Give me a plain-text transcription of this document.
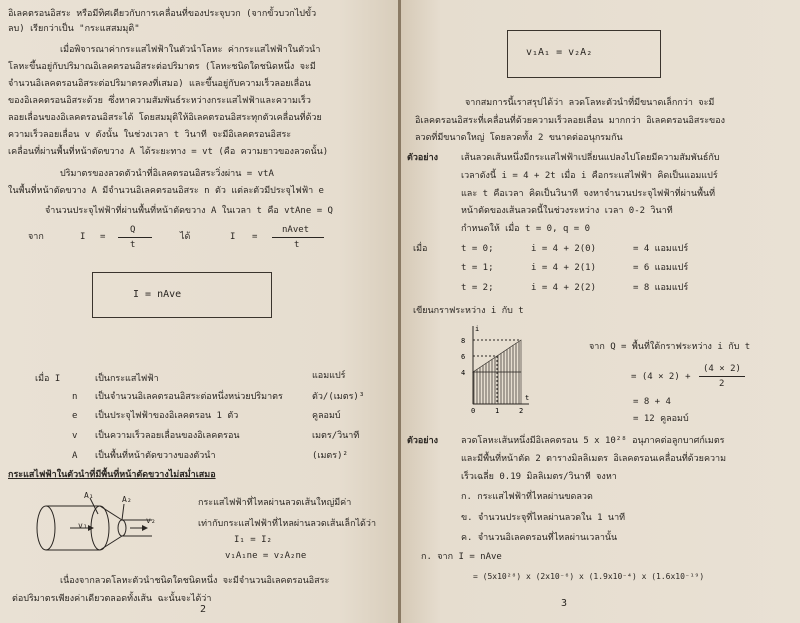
อิเลคตรอนอิสระ หรือมีทิศเดียวกับการเคลื่อนที่ของประจุบวก (จากขั้วบวกไปขั้ว
ลบ) เรียกว่าเป็น "กระแสสมมุติ"
เมื่อพิจารณาค่ากระแสไฟฟ้าในตัวนำโลหะ ค่ากระแสไฟฟ้าในตัวนำ
โลหะขึ้นอยู่กับปริมาณอิเลคตรอนอิสระต่อปริมาตร (โลหะชนิดใดชนิดหนึ่ง จะมี
จำนวนอิเลคตรอนอิสระต่อปริมาตรคงที่เสมอ) และขึ้นอยู่กับความเร็วลอยเลื่อน
ของอิเลคตรอนอิสระด้วย ซึ่งหาความสัมพันธ์ระหว่างกระแสไฟฟ้าและความเร็ว
ลอยเลื่อนของอิเลคตรอนอิสระได้ โดยสมมุติให้อิเลคตรอนอิสระทุกตัวเคลื่อนที่ด้วย
ความเร็วลอยเลื่อน v ดังนั้น ในช่วงเวลา t วินาที จะมีอิเลคตรอนอิสระ
เคลื่อนที่ผ่านพื้นที่หน้าตัดขวาง A ได้ระยะทาง = vt (คือ ความยาวของลวดนั้น)
ปริมาตรของลวดตัวนำที่อิเลคตรอนอิสระวิ่งผ่าน = vtA
ในพื้นที่หน้าตัดขวาง A มีจำนวนอิเลคตรอนอิสระ n ตัว แต่ละตัวมีประจุไฟฟ้า e
จำนวนประจุไฟฟ้าที่ผ่านพื้นที่หน้าตัดขวาง A ในเวลา t คือ vtAne = Q
จาก	I =
Q
t
ได้	I =
nAvet
t
I = nAve
เมื่อ I	เป็นกระแสไฟฟ้า	แอมแปร์
n เป็นจำนวนอิเลคตรอนอิสระต่อหนึ่งหน่วยปริมาตร	ตัว/(เมตร)³
e เป็นประจุไฟฟ้าของอิเลคตรอน 1 ตัว	คูลอมบ์
v เป็นความเร็วลอยเลื่อนของอิเลคตรอน	เมตร/วินาที
A เป็นพื้นที่หน้าตัดขวางของตัวนำ	(เมตร)²
กระแสไฟฟ้าในตัวนำที่มีพื้นที่หน้าตัดขวางไม่สม่ำเสมอ
A₁	A₂
v₁
v₂
กระแสไฟฟ้าที่ไหลผ่านลวดเส้นใหญ่มีค่า
เท่ากับกระแสไฟฟ้าที่ไหลผ่านลวดเส้นเล็กได้ว่า
I₁ = I₂
v₁A₁ne = v₂A₂ne
เนื่องจากลวดโลหะตัวนำชนิดใดชนิดหนึ่ง จะมีจำนวนอิเลคตรอนอิสระ
ต่อปริมาตรเพียงค่าเดียวตลอดทั้งเส้น ฉะนั้นจะได้ว่า
2
v₁A₁ = v₂A₂
จากสมการนี้เราสรุปได้ว่า ลวดโลหะตัวนำที่มีขนาดเล็กกว่า จะมี
อิเลคตรอนอิสระที่เคลื่อนที่ด้วยความเร็วลอยเลื่อน มากกว่า อิเลคตรอนอิสระของ
ลวดที่มีขนาดใหญ่ โดยลวดทั้ง 2 ขนาดต่ออนุกรมกัน
ตัวอย่าง	เส้นลวดเส้นหนึ่งมีกระแสไฟฟ้าเปลี่ยนแปลงไปโดยมีความสัมพันธ์กับ
เวลาดังนี้ i = 4 + 2t เมื่อ i คือกระแสไฟฟ้า คิดเป็นแอมแปร์
และ t คือเวลา คิดเป็นวินาที จงหาจำนวนประจุไฟฟ้าที่ผ่านพื้นที่
หน้าตัดของเส้นลวดนี้ในช่วงระหว่าง เวลา 0-2 วินาที
กำหนดให้ เมื่อ t = 0, q = 0
เมื่อ	t = 0;	i = 4 + 2(0)	= 4 แอมแปร์
t = 1;	i = 4 + 2(1)	= 6 แอมแปร์
t = 2;	i = 4 + 2(2)	= 8 แอมแปร์
เขียนกราฟระหว่าง i กับ t
8
6
4
0	1	2
i
t
จาก Q = พื้นที่ใต้กราฟระหว่าง i กับ t
= (4 × 2) +
(4 × 2)
2
= 8 + 4
= 12 คูลอมบ์
ตัวอย่าง	ลวดโลหะเส้นหนึ่งมีอิเลคตรอน 5 x 10²⁸ อนุภาคต่อลูกบาศก์เมตร
และมีพื้นที่หน้าตัด 2 ตารางมิลลิเมตร อิเลคตรอนเคลื่อนที่ด้วยความ
เร็วเฉลี่ย 0.19 มิลลิเมตร/วินาที จงหา
ก. กระแสไฟฟ้าที่ไหลผ่านขดลวด
ข. จำนวนประจุที่ไหลผ่านลวดใน 1 นาที
ค. จำนวนอิเลคตรอนที่ไหลผ่านเวลานั้น
ก. จาก I = nAve
= (5x10²⁸) x (2x10⁻⁶) x (1.9x10⁻⁴) x (1.6x10⁻¹⁹)
3
